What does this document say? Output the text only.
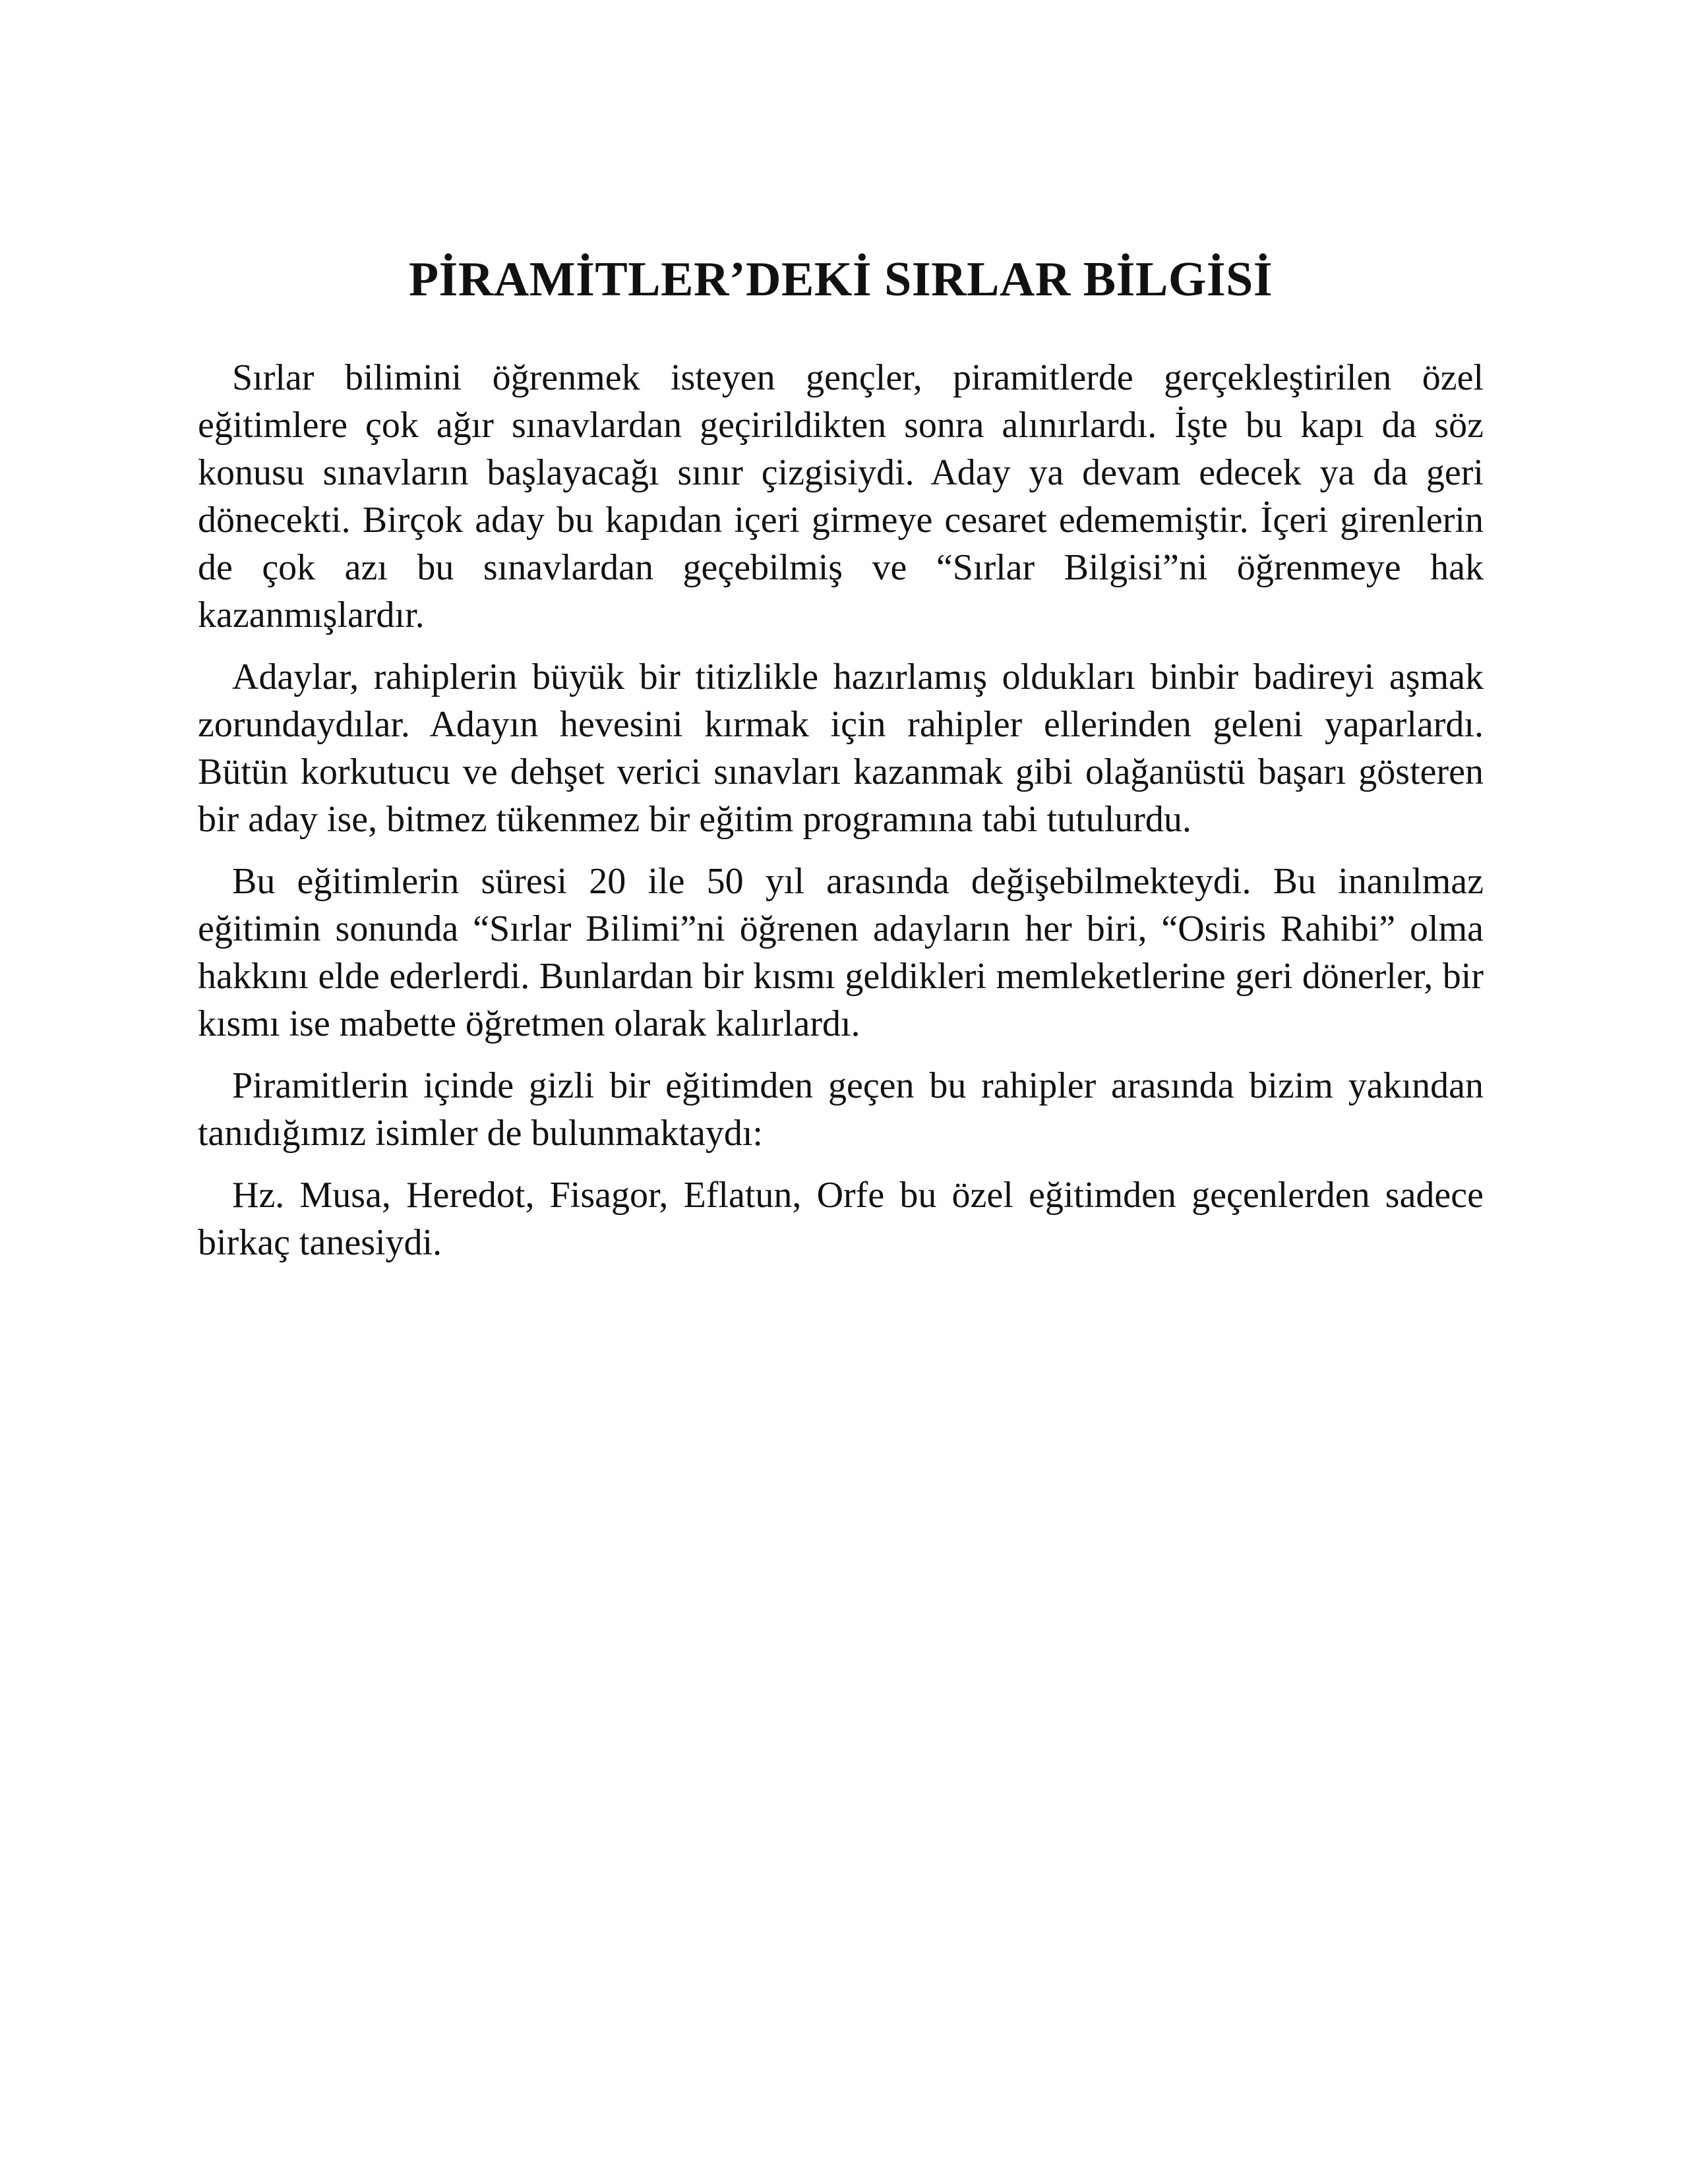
PİRAMİTLER’DEKİ SIRLAR BİLGİSİ

Sırlar bilimini öğrenmek isteyen gençler, piramitlerde gerçekleştirilen özel eğitimlere çok ağır sınavlardan geçirildikten sonra alınırlardı. İşte bu kapı da söz konusu sınavların başlayacağı sınır çizgisiydi. Aday ya devam edecek ya da geri dönecekti. Birçok aday bu kapıdan içeri girmeye cesaret edememiştir. İçeri girenlerin de çok azı bu sınavlardan geçebilmiş ve “Sırlar Bilgisi”ni öğrenmeye hak kazanmışlardır.

Adaylar, rahiplerin büyük bir titizlikle hazırlamış oldukları binbir badireyi aşmak zorundaydılar. Adayın hevesini kırmak için rahipler ellerinden geleni yaparlardı. Bütün korkutucu ve dehşet verici sınavları kazanmak gibi olağanüstü başarı gösteren bir aday ise, bitmez tükenmez bir eğitim programına tabi tutulurdu.

Bu eğitimlerin süresi 20 ile 50 yıl arasında değişebilmekteydi. Bu inanılmaz eğitimin sonunda “Sırlar Bilimi”ni öğrenen adayların her biri, “Osiris Rahibi” olma hakkını elde ederlerdi. Bunlardan bir kısmı geldikleri memleketlerine geri dönerler, bir kısmı ise mabette öğretmen olarak kalırlardı.

Piramitlerin içinde gizli bir eğitimden geçen bu rahipler arasında bizim yakından tanıdığımız isimler de bulunmaktaydı:

Hz. Musa, Heredot, Fisagor, Eflatun, Orfe bu özel eğitimden geçenlerden sadece birkaç tanesiydi.
